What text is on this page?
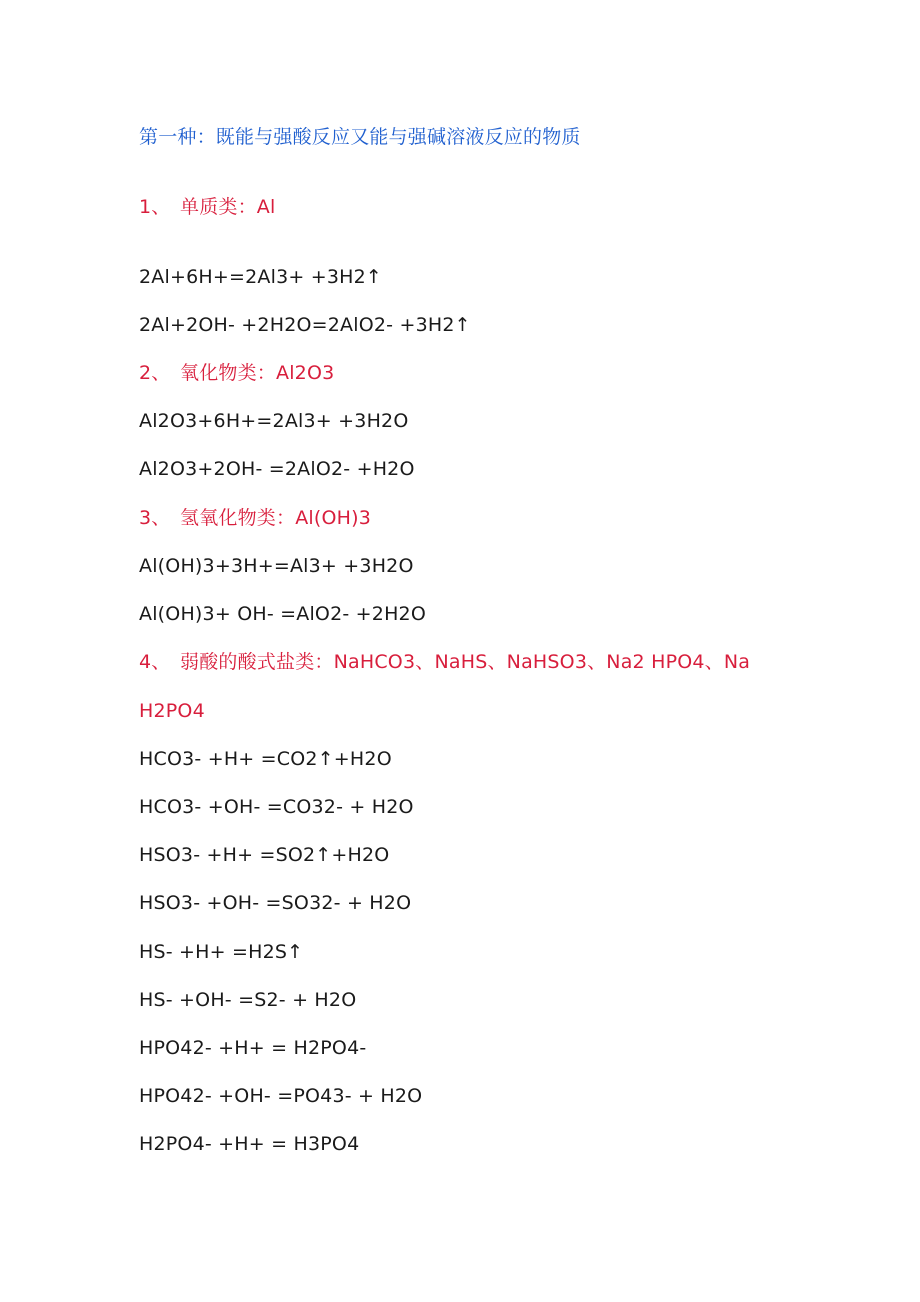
第一种：既能与强酸反应又能与强碱溶液反应的物质
1、 单质类：Al
2Al+6H+=2Al3+ +3H2↑
2Al+2OH- +2H2O=2AlO2- +3H2↑
2、 氧化物类：Al2O3
Al2O3+6H+=2Al3+ +3H2O
Al2O3+2OH- =2AlO2- +H2O
3、 氢氧化物类：Al(OH)3
Al(OH)3+3H+=Al3+ +3H2O
Al(OH)3+ OH- =AlO2- +2H2O
4、 弱酸的酸式盐类：NaHCO3、NaHS、NaHSO3、Na2 HPO4、Na
H2PO4
HCO3- +H+ =CO2↑+H2O
HCO3- +OH- =CO32- + H2O
HSO3- +H+ =SO2↑+H2O
HSO3- +OH- =SO32- + H2O
HS- +H+ =H2S↑
HS- +OH- =S2- + H2O
HPO42- +H+ = H2PO4-
HPO42- +OH- =PO43- + H2O
H2PO4- +H+ = H3PO4
